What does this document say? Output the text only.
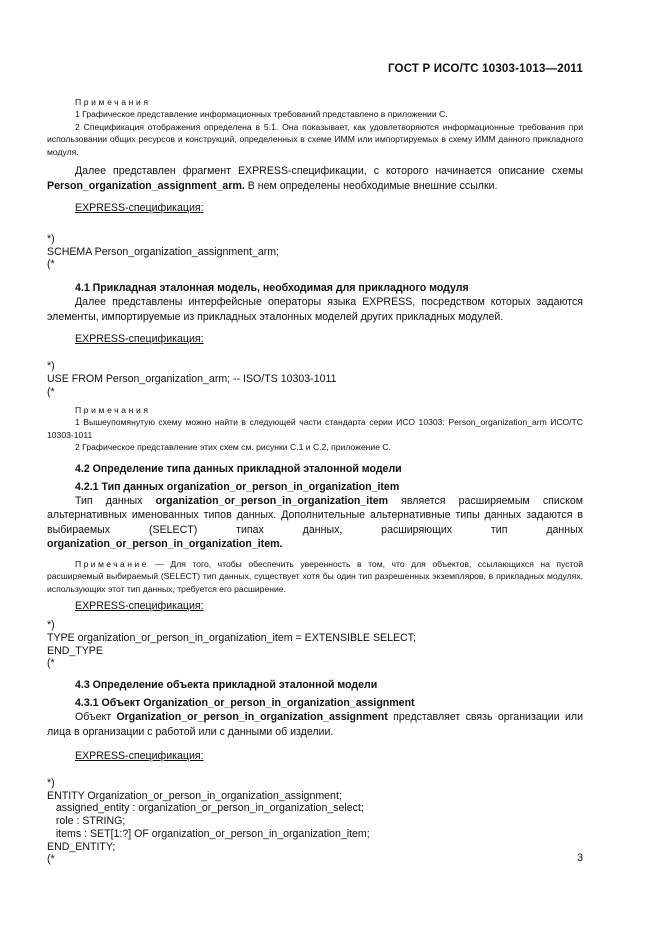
ГОСТ Р ИСО/ТС 10303-1013—2011

Примечания

1 Графическое представление информационных требований представлено в приложении С.

2 Спецификация отображения определена в 5.1. Она показывает, как удовлетворяются информационные требования при использовании общих ресурсов и конструкций, определенных в схеме ИММ или импортируемых в схему ИММ данного прикладного модуля.

Далее представлен фрагмент EXPRESS-спецификации, с которого начинается описание схемы Person_organization_assignment_arm. В нем определены необходимые внешние ссылки.

EXPRESS-спецификация:

*)
SCHEMA Person_organization_assignment_arm;
(*

4.1 Прикладная эталонная модель, необходимая для прикладного модуля

Далее представлены интерфейсные операторы языка EXPRESS, посредством которых задаются элементы, импортируемые из прикладных эталонных моделей других прикладных модулей.

EXPRESS-спецификация:

*)
USE FROM Person_organization_arm; -- ISO/TS 10303-1011
(*

Примечания

1 Вышеупомянутую схему можно найти в следующей части стандарта серии ИСО 10303: Person_organization_arm ИСО/ТС 10303-1011

2 Графическое представление этих схем см. рисунки С.1 и С.2, приложение С.

4.2 Определение типа данных прикладной эталонной модели

4.2.1 Тип данных organization_or_person_in_organization_item

Тип данных organization_or_person_in_organization_item является расширяемым списком альтернативных именованных типов данных. Дополнительные альтернативные типы данных задаются в выбираемых (SELECT) типах данных, расширяющих тип данных organization_or_person_in_organization_item.

Примечание — Для того, чтобы обеспечить уверенность в том, что для объектов, ссылающихся на пустой расширяемый выбираемый (SELECT) тип данных, существует хотя бы один тип разрешенных экземпляров, в прикладных модулях, использующих этот тип данных, требуется его расширение.

EXPRESS-спецификация:

*)
TYPE organization_or_person_in_organization_item = EXTENSIBLE SELECT;
END_TYPE
(*

4.3 Определение объекта прикладной эталонной модели

4.3.1 Объект Organization_or_person_in_organization_assignment

Объект Organization_or_person_in_organization_assignment представляет связь организации или лица в организации с работой или с данными об изделии.

EXPRESS-спецификация:

*)
ENTITY Organization_or_person_in_organization_assignment;
assigned_entity : organization_or_person_in_organization_select;
role : STRING;
items : SET[1:?] OF organization_or_person_in_organization_item;
END_ENTITY;
(*	3
